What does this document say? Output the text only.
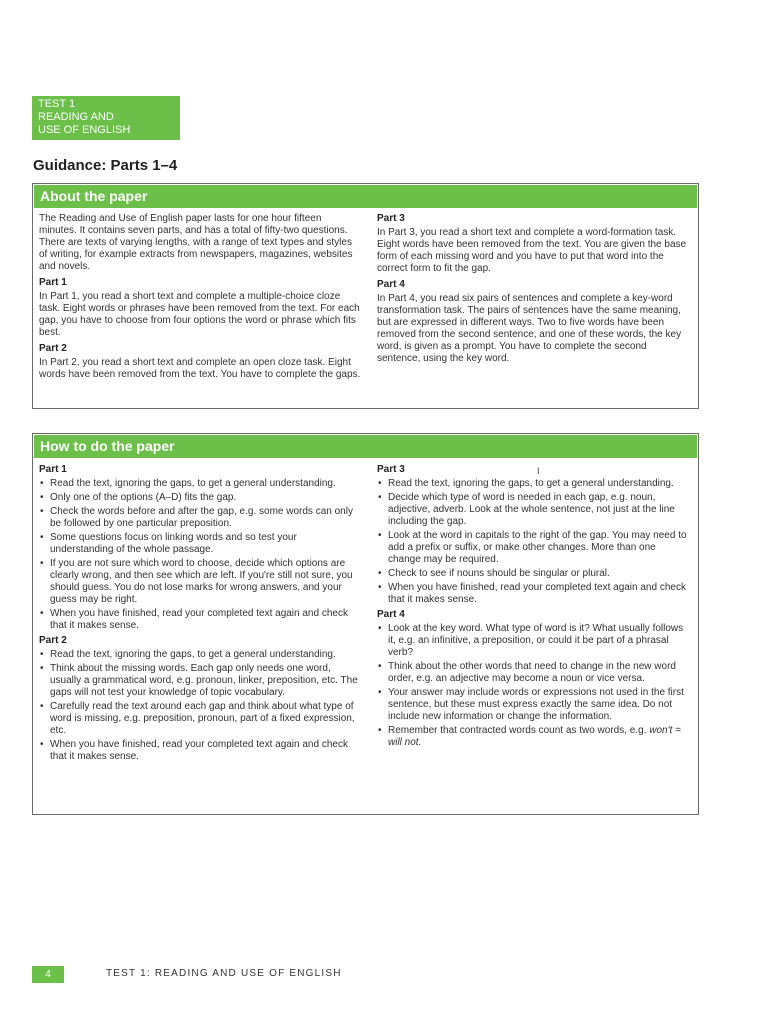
TEST 1
READING AND
USE OF ENGLISH
Guidance: Parts 1–4
About the paper

The Reading and Use of English paper lasts for one hour fifteen minutes. It contains seven parts, and has a total of fifty-two questions. There are texts of varying lengths, with a range of text types and styles of writing, for example extracts from newspapers, magazines, websites and novels.

Part 1

In Part 1, you read a short text and complete a multiple-choice cloze task. Eight words or phrases have been removed from the text. For each gap, you have to choose from four options the word or phrase which fits best.

Part 2

In Part 2, you read a short text and complete an open cloze task. Eight words have been removed from the text. You have to complete the gaps.

Part 3

In Part 3, you read a short text and complete a word-formation task. Eight words have been removed from the text. You are given the base form of each missing word and you have to put that word into the correct form to fit the gap.

Part 4

In Part 4, you read six pairs of sentences and complete a key-word transformation task. The pairs of sentences have the same meaning, but are expressed in different ways. Two to five words have been removed from the second sentence, and one of these words, the key word, is given as a prompt. You have to complete the second sentence, using the key word.

How to do the paper
Part 1
• Read the text, ignoring the gaps, to get a general understanding.
• Only one of the options (A–D) fits the gap.
• Check the words before and after the gap, e.g. some words can only be followed by one particular preposition.
• Some questions focus on linking words and so test your understanding of the whole passage.
• If you are not sure which word to choose, decide which options are clearly wrong, and then see which are left. If you're still not sure, you should guess. You do not lose marks for wrong answers, and your guess may be right.
• When you have finished, read your completed text again and check that it makes sense.
Part 2
• Read the text, ignoring the gaps, to get a general understanding.
• Think about the missing words. Each gap only needs one word, usually a grammatical word, e.g. pronoun, linker, preposition, etc. The gaps will not test your knowledge of topic vocabulary.
• Carefully read the text around each gap and think about what type of word is missing, e.g. preposition, pronoun, part of a fixed expression, etc.
• When you have finished, read your completed text again and check that it makes sense.
Part 3
• Read the text, ignoring the gaps, to get a general understanding.
• Decide which type of word is needed in each gap, e.g. noun, adjective, adverb. Look at the whole sentence, not just at the line including the gap.
• Look at the word in capitals to the right of the gap. You may need to add a prefix or suffix, or make other changes. More than one change may be required.
• Check to see if nouns should be singular or plural.
• When you have finished, read your completed text again and check that it makes sense.
Part 4
• Look at the key word. What type of word is it? What usually follows it, e.g. an infinitive, a preposition, or could it be part of a phrasal verb?
• Think about the other words that need to change in the new word order, e.g. an adjective may become a noun or vice versa.
• Your answer may include words or expressions not used in the first sentence, but these must express exactly the same idea. Do not include new information or change the information.
• Remember that contracted words count as two words, e.g. won't = will not.
I
4	TEST 1: READING AND USE OF ENGLISH
